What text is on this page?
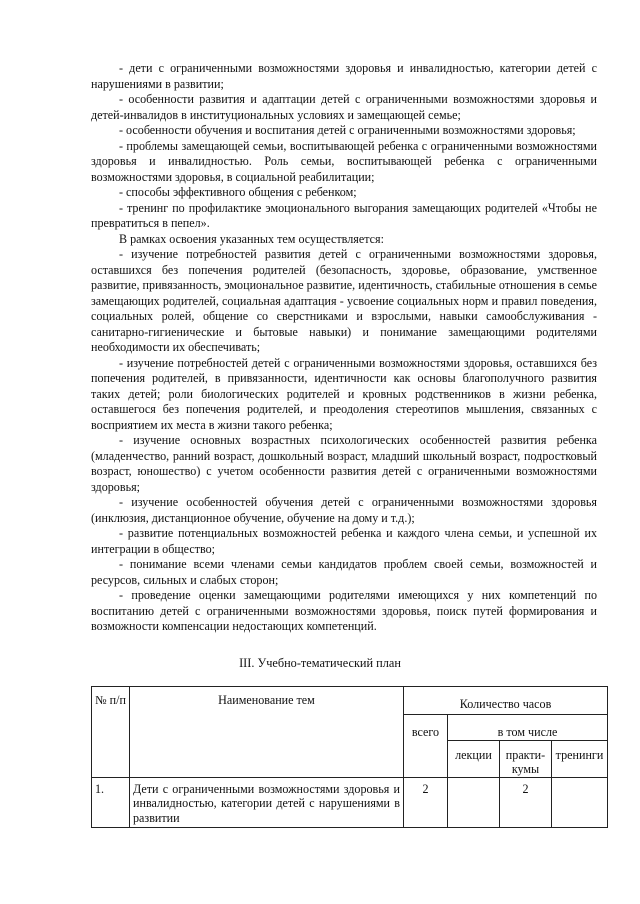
- дети с ограниченными возможностями здоровья и инвалидностью, категории детей с нарушениями в развитии;

- особенности развития и адаптации детей с ограниченными возможностями здоровья и детей-инвалидов в институциональных условиях и замещающей семье;

- особенности обучения и воспитания детей с ограниченными возможностями здоровья;

- проблемы замещающей семьи, воспитывающей ребенка с ограниченными возможностями здоровья и инвалидностью. Роль семьи, воспитывающей ребенка с ограниченными возможностями здоровья, в социальной реабилитации;

- способы эффективного общения с ребенком;

- тренинг по профилактике эмоционального выгорания замещающих родителей «Чтобы не превратиться в пепел».

В рамках освоения указанных тем осуществляется:

- изучение потребностей развития детей с ограниченными возможностями здоровья, оставшихся без попечения родителей (безопасность, здоровье, образование, умственное развитие, привязанность, эмоциональное развитие, идентичность, стабильные отношения в семье замещающих родителей, социальная адаптация - усвоение социальных норм и правил поведения, социальных ролей, общение со сверстниками и взрослыми, навыки самообслуживания - санитарно-гигиенические и бытовые навыки) и понимание замещающими родителями необходимости их обеспечивать;

- изучение потребностей детей с ограниченными возможностями здоровья, оставшихся без попечения родителей, в привязанности, идентичности как основы благополучного развития таких детей; роли биологических родителей и кровных родственников в жизни ребенка, оставшегося без попечения родителей, и преодоления стереотипов мышления, связанных с восприятием их места в жизни такого ребенка;

- изучение основных возрастных психологических особенностей развития ребенка (младенчество, ранний возраст, дошкольный возраст, младший школьный возраст, подростковый возраст, юношество) с учетом особенности развития детей с ограниченными возможностями здоровья;

- изучение особенностей обучения детей с ограниченными возможностями здоровья (инклюзия, дистанционное обучение, обучение на дому и т.д.);

- развитие потенциальных возможностей ребенка и каждого члена семьи, и успешной их интеграции в общество;

- понимание всеми членами семьи кандидатов проблем своей семьи, возможностей и ресурсов, сильных и слабых сторон;

- проведение оценки замещающими родителями имеющихся у них компетенций по воспитанию детей с ограниченными возможностями здоровья, поиск путей формирования и возможности компенсации недостающих компетенций.

III. Учебно-тематический план

№ п/п	Наименование тем	Количество часов			
		всего	в том числе		
			лекции	практикумы	тренинги
1.	Дети с ограниченными возможностями здоровья и инвалидностью, категории детей с нарушениями в развитии	2		2	
